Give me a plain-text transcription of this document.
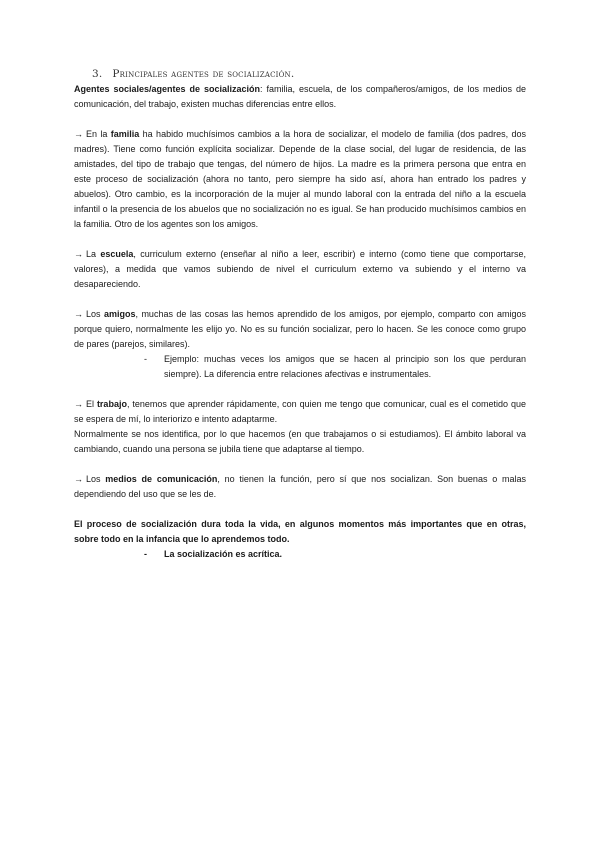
3. Principales agentes de socialización.

Agentes sociales/agentes de socialización: familia, escuela, de los compañeros/amigos, de los medios de comunicación, del trabajo, existen muchas diferencias entre ellos.

→ En la familia ha habido muchísimos cambios a la hora de socializar, el modelo de familia (dos padres, dos madres). Tiene como función explícita socializar. Depende de la clase social, del lugar de residencia, de las amistades, del tipo de trabajo que tengas, del número de hijos. La madre es la primera persona que entra en este proceso de socialización (ahora no tanto, pero siempre ha sido así, ahora han entrado los padres y abuelos). Otro cambio, es la incorporación de la mujer al mundo laboral con la entrada del niño a la escuela infantil o la presencia de los abuelos que no socialización no es igual. Se han producido muchísimos cambios en la familia. Otro de los agentes son los amigos.

→ La escuela, curriculum externo (enseñar al niño a leer, escribir) e interno (como tiene que comportarse, valores), a medida que vamos subiendo de nivel el curriculum externo va subiendo y el interno va desapareciendo.

→ Los amigos, muchas de las cosas las hemos aprendido de los amigos, por ejemplo, comparto con amigos porque quiero, normalmente les elijo yo. No es su función socializar, pero lo hacen. Se les conoce como grupo de pares (parejos, similares).

-	Ejemplo: muchas veces los amigos que se hacen al principio son los que perduran siempre). La diferencia entre relaciones afectivas e instrumentales.

→ El trabajo, tenemos que aprender rápidamente, con quien me tengo que comunicar, cual es el cometido que se espera de mí, lo interiorizo e intento adaptarme.

Normalmente se nos identifica, por lo que hacemos (en que trabajamos o si estudiamos). El ámbito laboral va cambiando, cuando una persona se jubila tiene que adaptarse al tiempo.

→ Los medios de comunicación, no tienen la función, pero sí que nos socializan. Son buenas o malas dependiendo del uso que se les de.

El proceso de socialización dura toda la vida, en algunos momentos más importantes que en otras, sobre todo en la infancia que lo aprendemos todo.

-	La socialización es acrítica.
